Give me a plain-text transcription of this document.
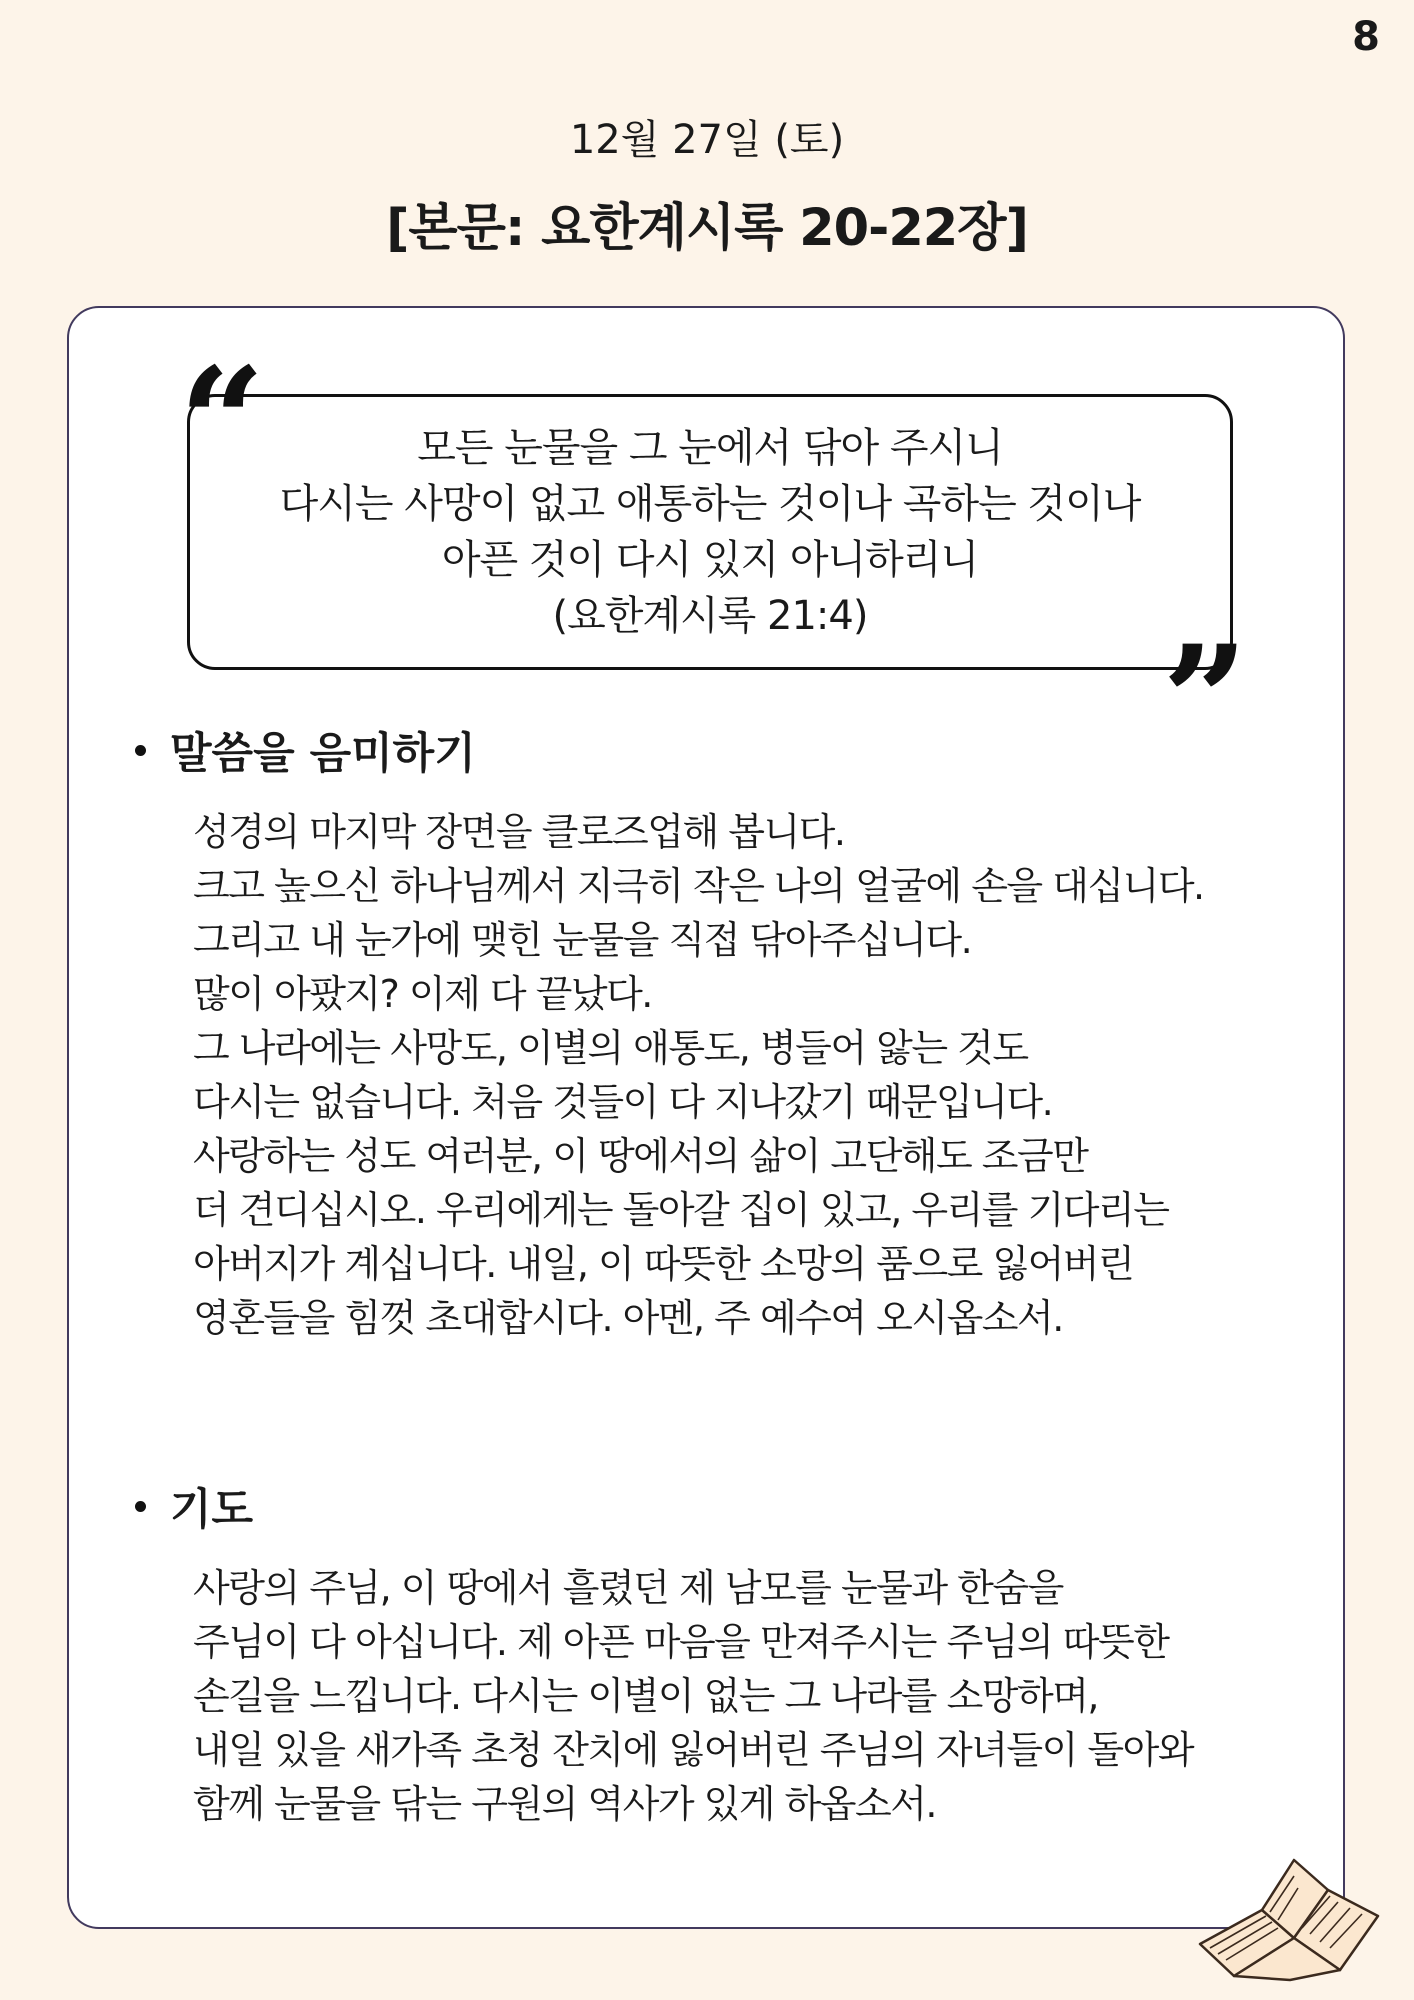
8
12월 27일 (토)
[본문: 요한계시록 20-22장]
모든 눈물을 그 눈에서 닦아 주시니
다시는 사망이 없고 애통하는 것이나 곡하는 것이나
아픈 것이 다시 있지 아니하리니
(요한계시록 21:4)
“
”
말씀을 음미하기
성경의 마지막 장면을 클로즈업해 봅니다.
크고 높으신 하나님께서 지극히 작은 나의 얼굴에 손을 대십니다.
그리고 내 눈가에 맺힌 눈물을 직접 닦아주십니다.
많이 아팠지? 이제 다 끝났다.
그 나라에는 사망도, 이별의 애통도, 병들어 앓는 것도
다시는 없습니다. 처음 것들이 다 지나갔기 때문입니다.
사랑하는 성도 여러분, 이 땅에서의 삶이 고단해도 조금만
더 견디십시오. 우리에게는 돌아갈 집이 있고, 우리를 기다리는
아버지가 계십니다. 내일, 이 따뜻한 소망의 품으로 잃어버린
영혼들을 힘껏 초대합시다. 아멘, 주 예수여 오시옵소서.
기도
사랑의 주님, 이 땅에서 흘렸던 제 남모를 눈물과 한숨을
주님이 다 아십니다. 제 아픈 마음을 만져주시는 주님의 따뜻한
손길을 느낍니다. 다시는 이별이 없는 그 나라를 소망하며,
내일 있을 새가족 초청 잔치에 잃어버린 주님의 자녀들이 돌아와
함께 눈물을 닦는 구원의 역사가 있게 하옵소서.
